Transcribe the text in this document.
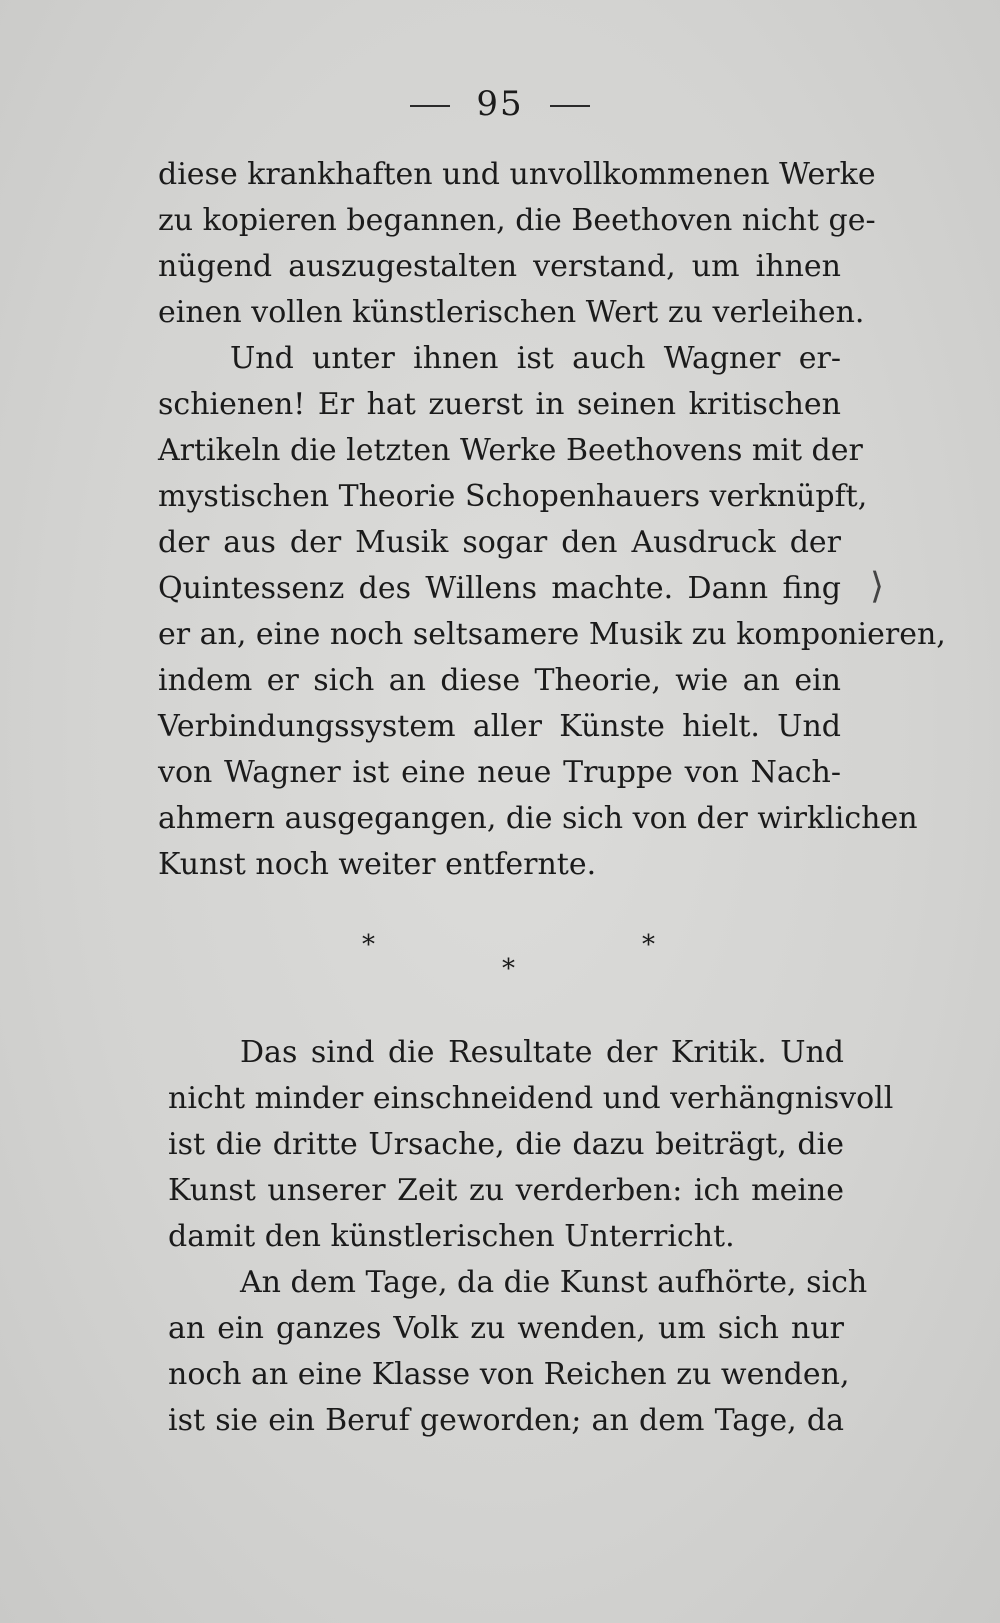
95
diese krankhaften und unvollkommenen Werke
zu kopieren begannen, die Beethoven nicht ge-
nügend auszugestalten verstand, um ihnen
einen vollen künstlerischen Wert zu verleihen.
Und unter ihnen ist auch Wagner er-
schienen! Er hat zuerst in seinen kritischen
Artikeln die letzten Werke Beethovens mit der
mystischen Theorie Schopenhauers verknüpft,
der aus der Musik sogar den Ausdruck der
Quintessenz des Willens machte. Dann fing
er an, eine noch seltsamere Musik zu komponieren,
indem er sich an diese Theorie, wie an ein
Verbindungssystem aller Künste hielt. Und
von Wagner ist eine neue Truppe von Nach-
ahmern ausgegangen, die sich von der wirklichen
Kunst noch weiter entfernte.
*	*
*
Das sind die Resultate der Kritik. Und
nicht minder einschneidend und verhängnisvoll
ist die dritte Ursache, die dazu beiträgt, die
Kunst unserer Zeit zu verderben: ich meine
damit den künstlerischen Unterricht.
An dem Tage, da die Kunst aufhörte, sich
an ein ganzes Volk zu wenden, um sich nur
noch an eine Klasse von Reichen zu wenden,
ist sie ein Beruf geworden; an dem Tage, da
⟩
